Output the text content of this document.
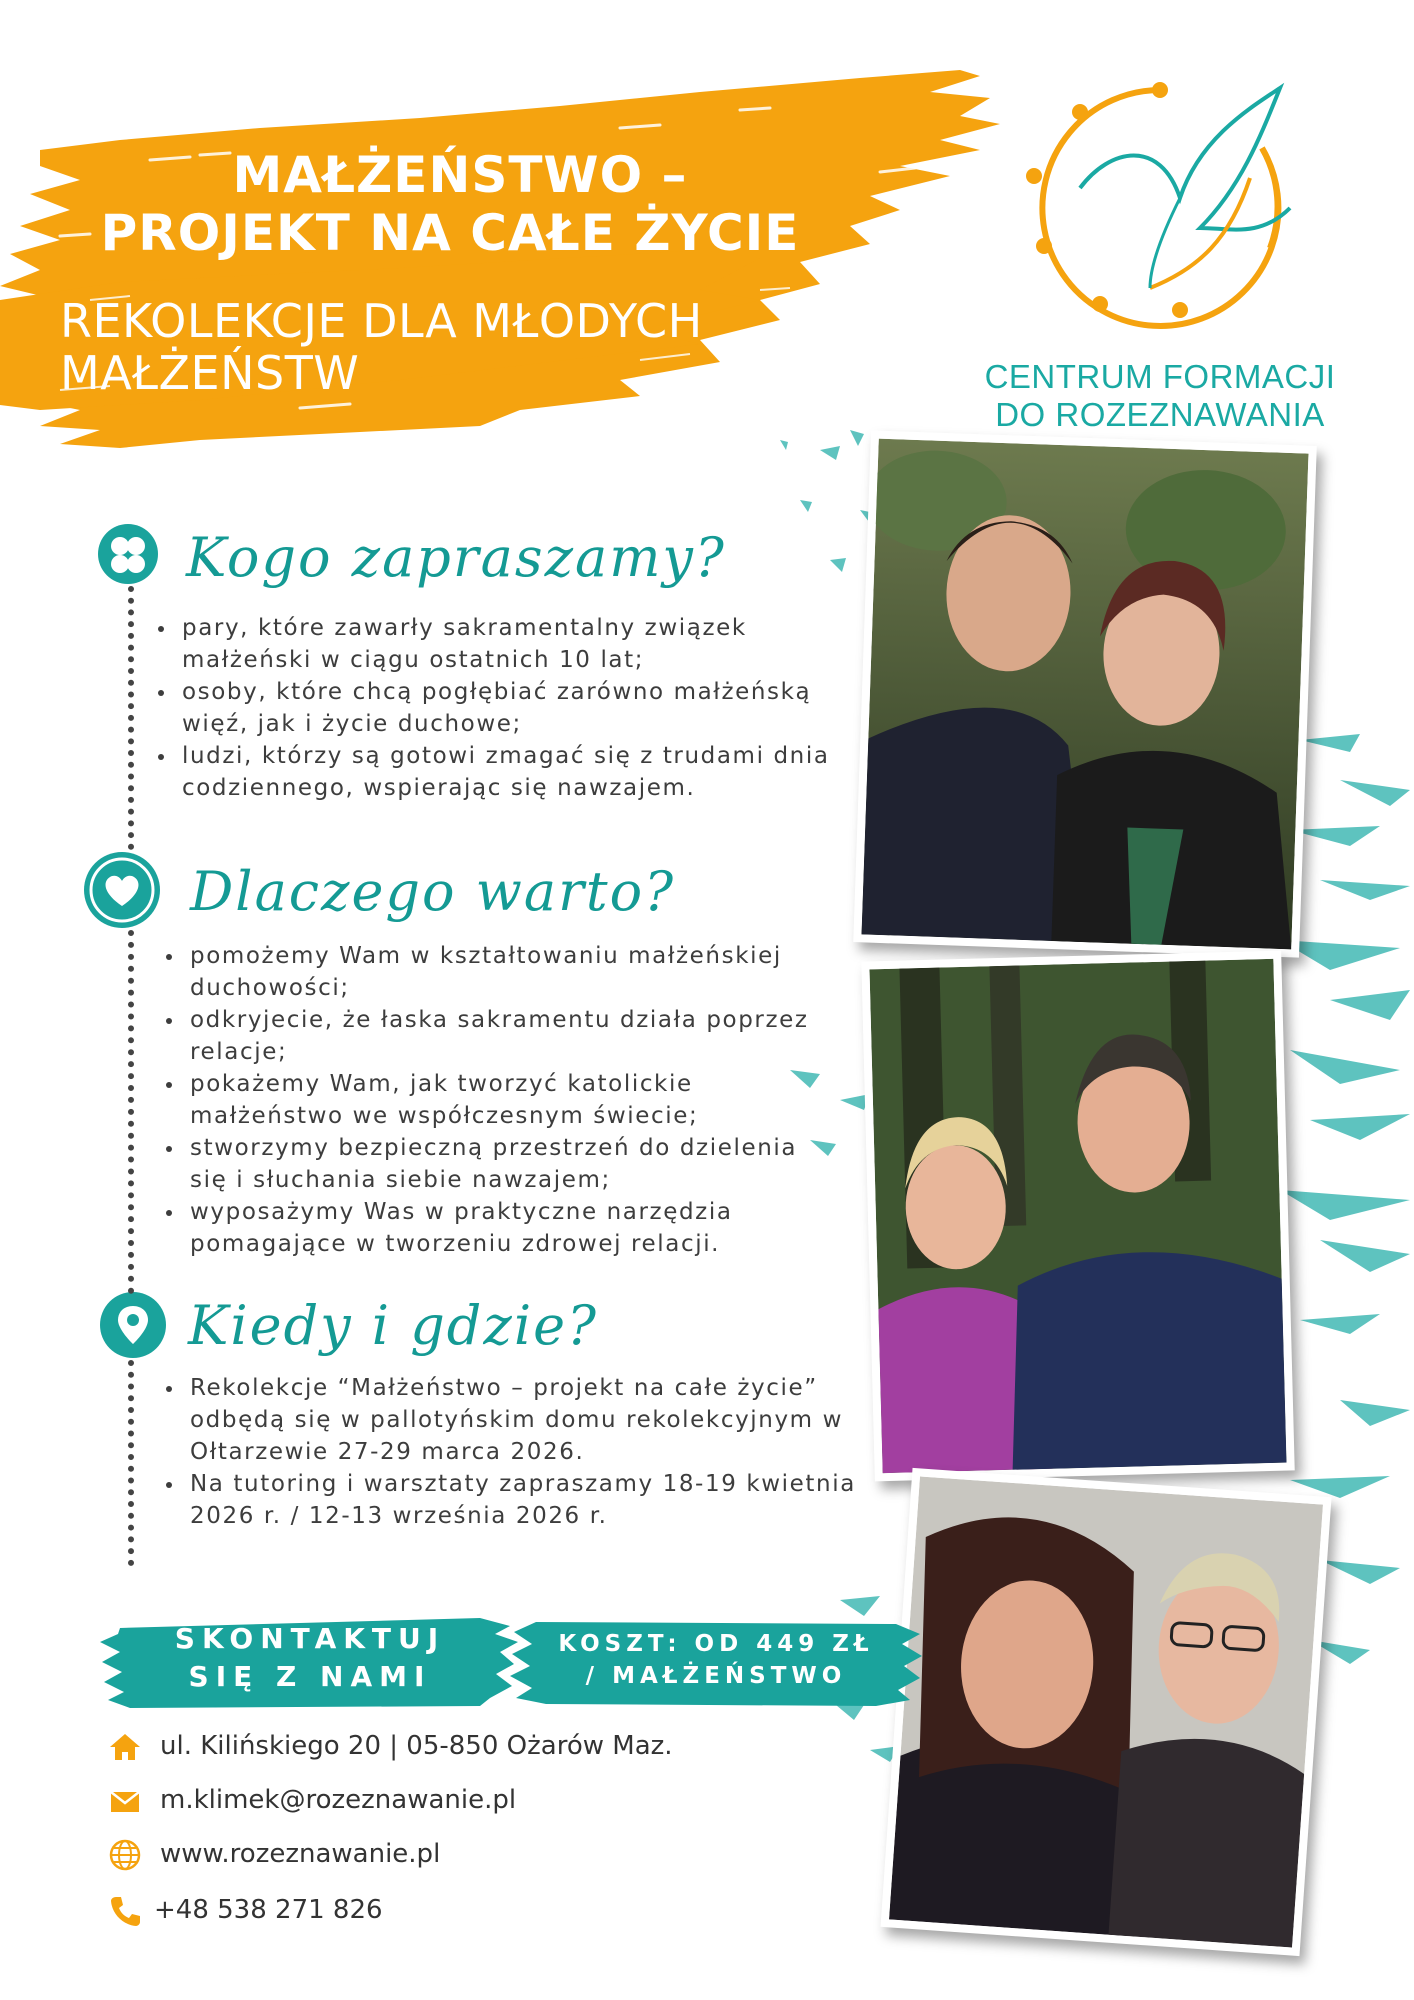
MAŁŻEŃSTWO –
PROJEKT NA CAŁE ŻYCIE
REKOLEKCJE DLA MŁODYCH
MAŁŻEŃSTW	CENTRUM FORMACJI
DO ROZEZNAWANIA
Kogo zapraszamy?
pary, które zawarły sakramentalny związek małżeński w ciągu ostatnich 10 lat;
osoby, które chcą pogłębiać zarówno małżeńską więź, jak i życie duchowe;
ludzi, którzy są gotowi zmagać się z trudami dnia codziennego, wspierając się nawzajem.
Dlaczego warto?
pomożemy Wam w kształtowaniu małżeńskiej duchowości;
odkryjecie, że łaska sakramentu działa poprzez relacje;
pokażemy Wam, jak tworzyć katolickie małżeństwo we współczesnym świecie;
stworzymy bezpieczną przestrzeń do dzielenia się i słuchania siebie nawzajem;
wyposażymy Was w praktyczne narzędzia pomagające w tworzeniu zdrowej relacji.
Kiedy i gdzie?
Rekolekcje “Małżeństwo – projekt na całe życie” odbędą się w pallotyńskim domu rekolekcyjnym w Ołtarzewie 27-29 marca 2026.
Na tutoring i warsztaty zapraszamy 18-19 kwietnia 2026 r. / 12-13 września 2026 r.
SKONTAKTUJ
SIĘ Z NAMI
KOSZT: OD 449 ZŁ
/ MAŁŻEŃSTWO
ul. Kilińskiego 20 | 05-850 Ożarów Maz.
m.klimek@rozeznawanie.pl
www.rozeznawanie.pl
+48 538 271 826
